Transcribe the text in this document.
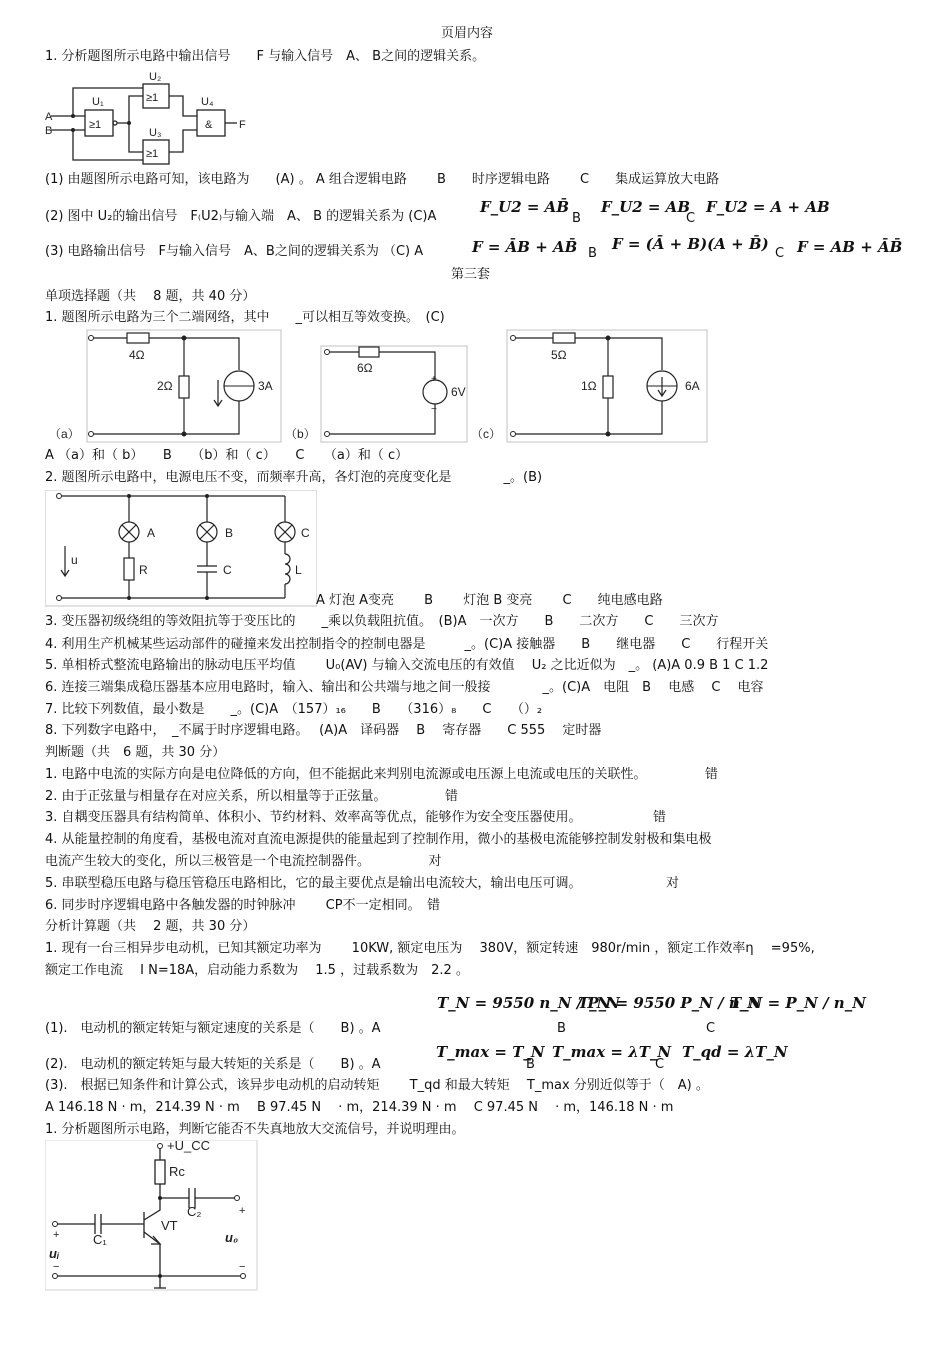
页眉内容
1. 分析题图所示电路中输出信号　　F 与输入信号　A、 B之间的逻辑关系。
U₁
U₂
U₃
U₄
A
B	F
≥1
≥1
≥1
&
(1) 由题图所示电路可知，该电路为　　(A) 。 A 组合逻辑电路　　 B　　时序逻辑电路　　 C　　集成运算放大电路
(2) 图中 U₂的输出信号　F₍U2₎与输入端　A、 B 的逻辑关系为 (C)A
F_U2 = AB̄
B
F_U2 = AB
C
F_U2 = A + AB
(3) 电路输出信号　F与输入信号　A、B之间的逻辑关系为 （C) A	F = ĀB + AB̄ B
F = (Ā + B)(A + B̄)
C F = AB + ĀB̄
第三套
单项选择题（共　 8 题，共 40 分）
1. 题图所示电路为三个二端网络，其中　　_可以相互等效变换。　(C)
4Ω
2Ω	3A
6Ω
6V
+
−
5Ω
1Ω	6A
（a）	（b）	（c）
A （a）和（ b）　　B　　（b）和（ c）　　C　　（a）和（ c）
2. 题图所示电路中，电源电压不变，而频率升高，各灯泡的亮度变化是　　　　_。(B)
u
A	B	C
R	C	L
A 灯泡 A变亮　　 B　　 灯泡 B 变亮　　 C　　纯电感电路
3. 变压器初级绕组的等效阻抗等于变压比的　　_乘以负载阻抗值。　(B)A　一次方　　B　　二次方　　C　　三次方
4. 利用生产机械某些运动部件的碰撞来发出控制指令的控制电器是　　　_。(C)A 接触器　　B　　继电器　　C　　行程开关
5. 单相桥式整流电路输出的脉动电压平均值　　 U₀(AV) 与输入交流电压的有效值　 U₂ 之比近似为　_。 (A)A 0.9 B 1 C 1.2
6. 连接三端集成稳压器基本应用电路时，输入、输出和公共端与地之间一般接　　　　_。(C)A　电阻　B　 电感　 C　 电容
7. 比较下列数值，最小数是　　_。(C)A　（157）₁₆　　B　　（316）₈　　C　　（）₂
8. 下列数字电路中，　_不属于时序逻辑电路。　 (A)A　译码器　 B　 寄存器　　C 555　 定时器
判断题（共　6 题，共 30 分）
1. 电路中电流的实际方向是电位降低的方向，但不能据此来判别电流源或电压源上电流或电压的关联性。　　　　　错
2. 由于正弦量与相量存在对应关系，所以相量等于正弦量。　　　　　错
3. 自耦变压器具有结构简单、体积小、节约材料、效率高等优点，能够作为安全变压器使用。　　　　　　错
4. 从能量控制的角度看，基极电流对直流电源提供的能量起到了控制作用，微小的基极电流能够控制发射极和集电极
电流产生较大的变化，所以三极管是一个电流控制器件。　　　　　对
5. 串联型稳压电路与稳压管稳压电路相比，它的最主要优点是输出电流较大，输出电压可调。　　　　　　　对
6. 同步时序逻辑电路中各触发器的时钟脉冲　　 CP不一定相同。　错
分析计算题（共　 2 题，共 30 分）
1. 现有一台三相异步电动机，已知其额定功率为　　 10KW, 额定电压为　 380V，额定转速　980r/min ，额定工作效率η　 =95%,
额定工作电流　 I N=18A，启动能力系数为　 1.5 ，过载系数为　2.2 。
T_N = 9550 n_N / P_N
T_N = 9550 P_N / n_N
T_N = P_N / n_N
(1).　电动机的额定转矩与额定速度的关系是（　　B) 。A	B	C
(2).　电动机的额定转矩与最大转矩的关系是（　　B) 。A
T_max = T_N
B
T_max = λT_N
C
T_qd = λT_N
(3).　根据已知条件和计算公式，该异步电动机的启动转矩　　 T_qd 和最大转矩　 T_max 分别近似等于（　A) 。
A 146.18 N · m，214.39 N · m　 B 97.45 N　 · m，214.39 N · m　 C 97.45 N　 · m，146.18 N · m
1. 分析题图所示电路，判断它能否不失真地放大交流信号，并说明理由。
+U_CC
Rc
C₂
C₁
VT
uᵢ
u₀
+
−
+
−
